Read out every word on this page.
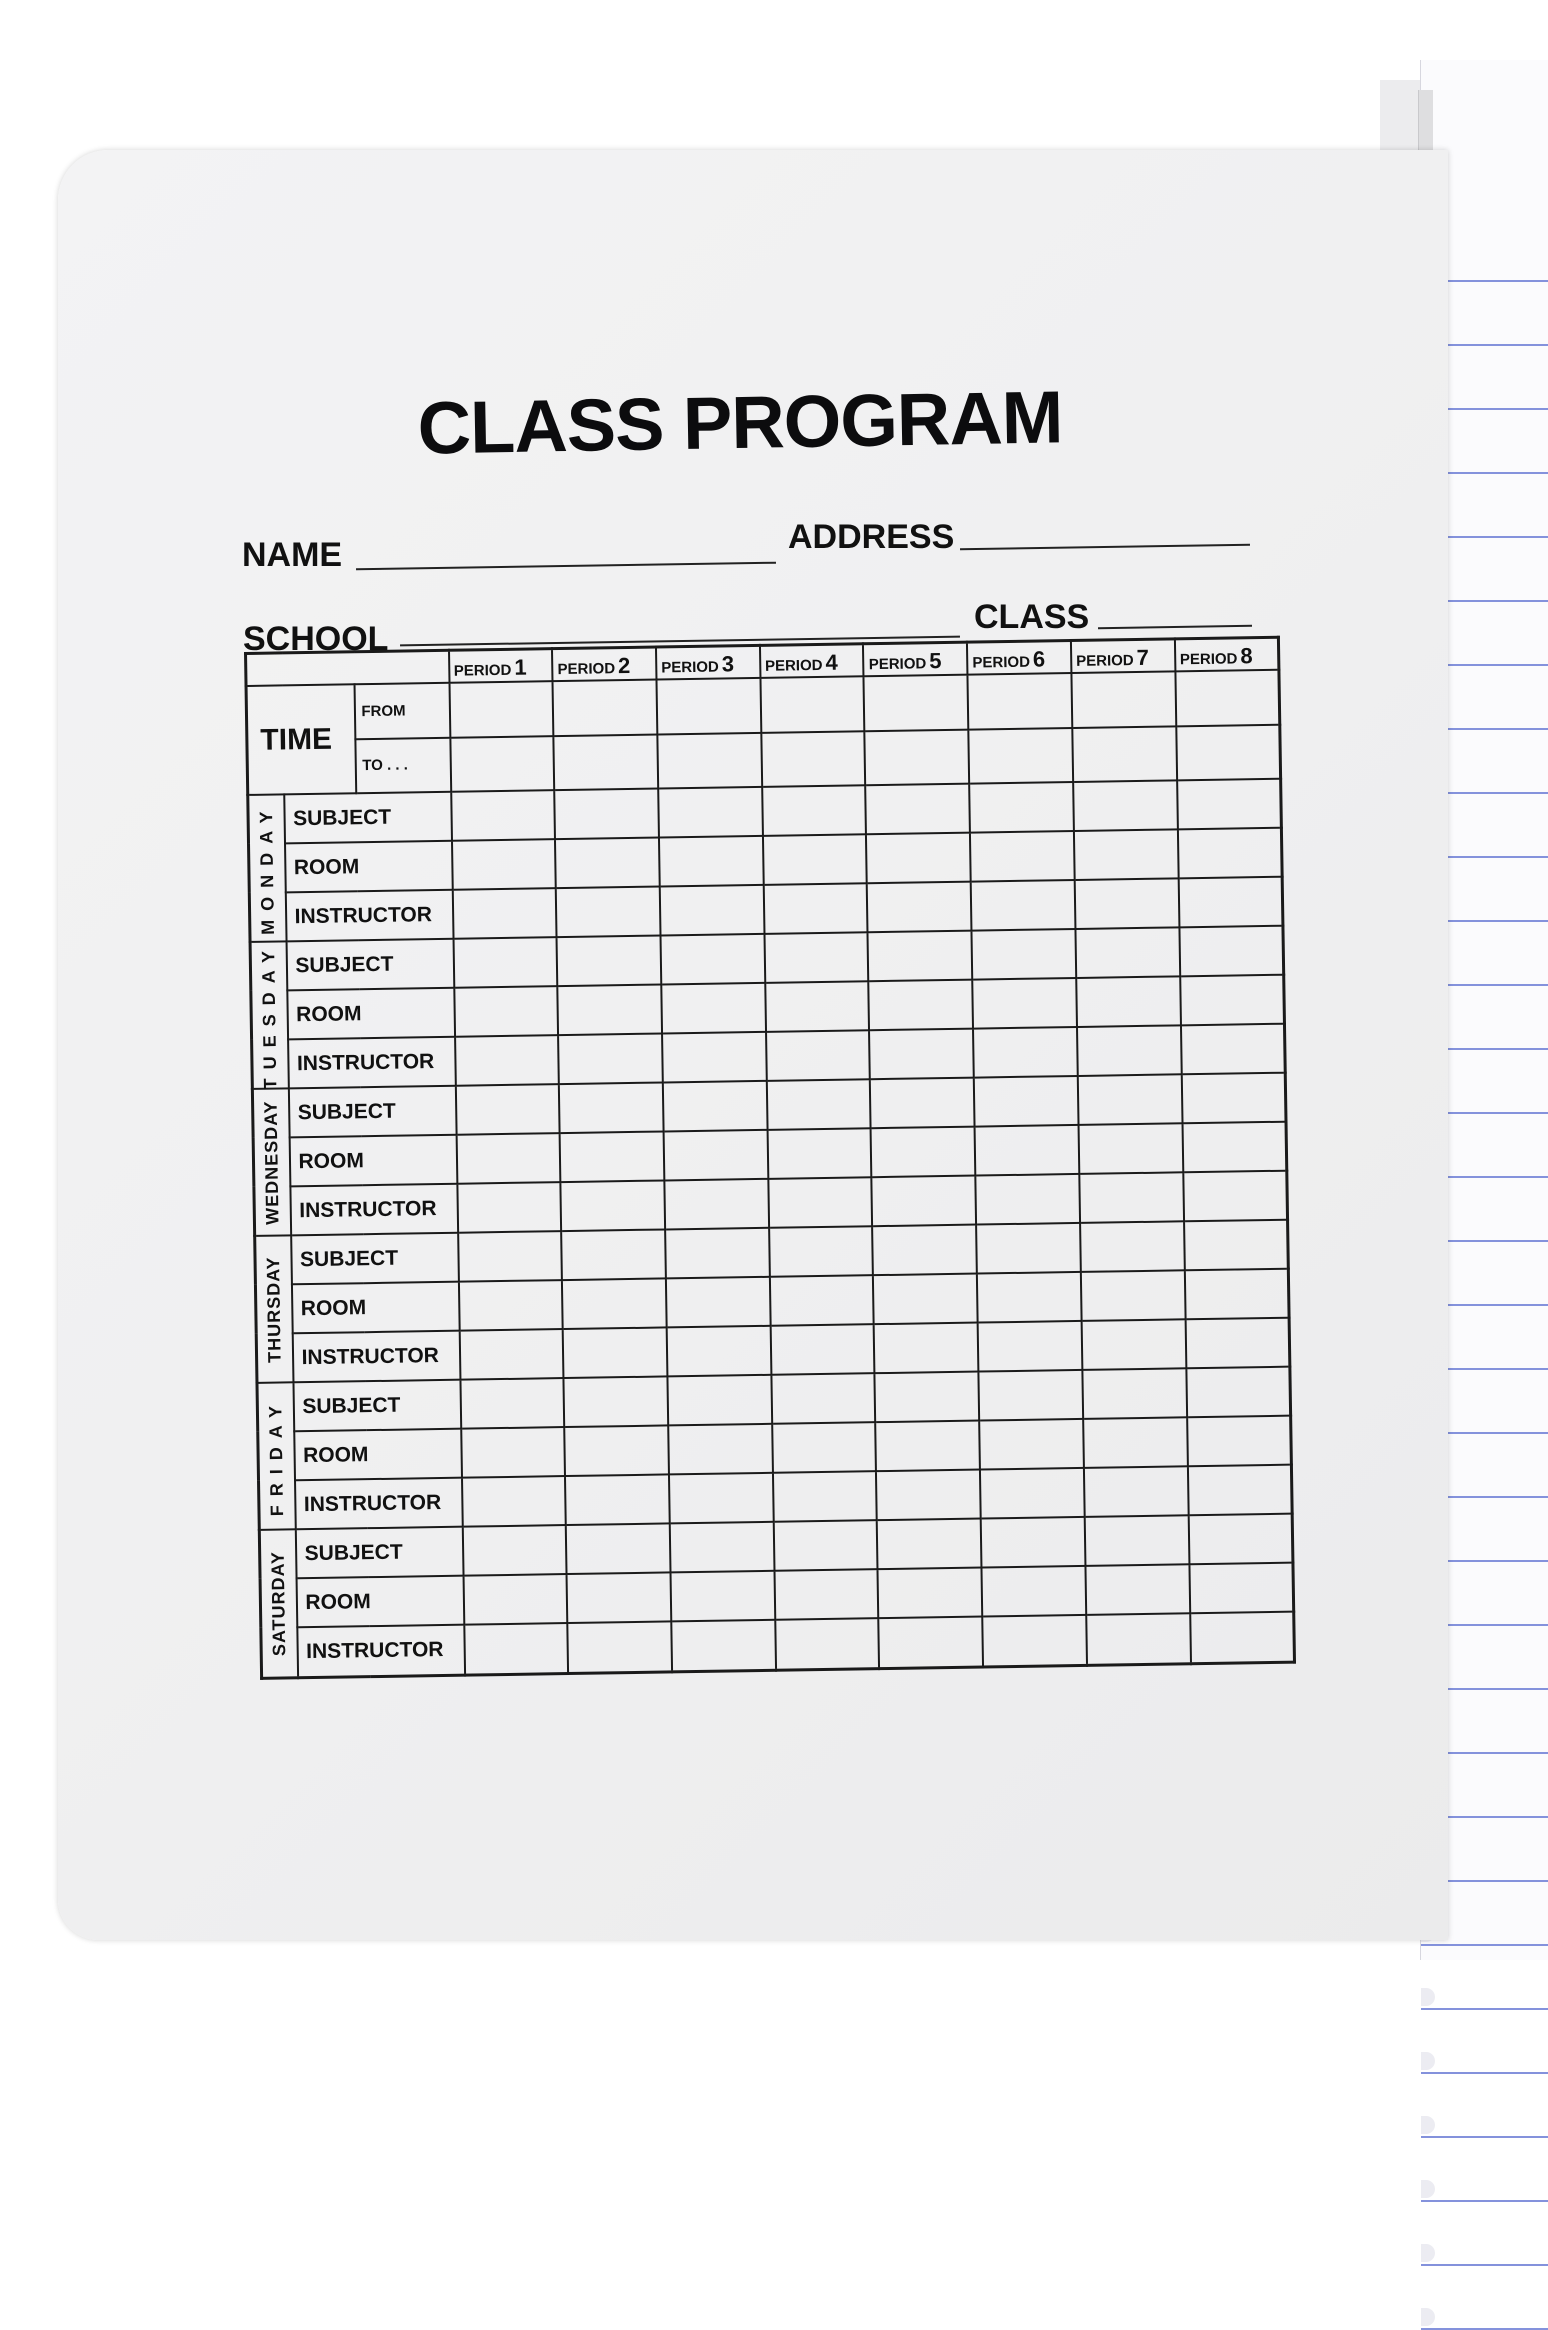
CLASS PROGRAM
NAME	ADDRESS
SCHOOL
CLASS
			PERIOD 1	PERIOD 2	PERIOD 3	PERIOD 4	PERIOD 5	PERIOD 6	PERIOD 7	PERIOD 8
TIME		FROM								
		TO . . .								

MONDAY	SUBJECT									
	ROOM									
	INSTRUCTOR									

TUESDAY	SUBJECT									
	ROOM									
	INSTRUCTOR									

WEDNESDAY	SUBJECT									
	ROOM									
	INSTRUCTOR									

THURSDAY	SUBJECT									
	ROOM									
	INSTRUCTOR									

FRIDAY	SUBJECT									
	ROOM									
	INSTRUCTOR									

SATURDAY	SUBJECT									
	ROOM									
	INSTRUCTOR									
